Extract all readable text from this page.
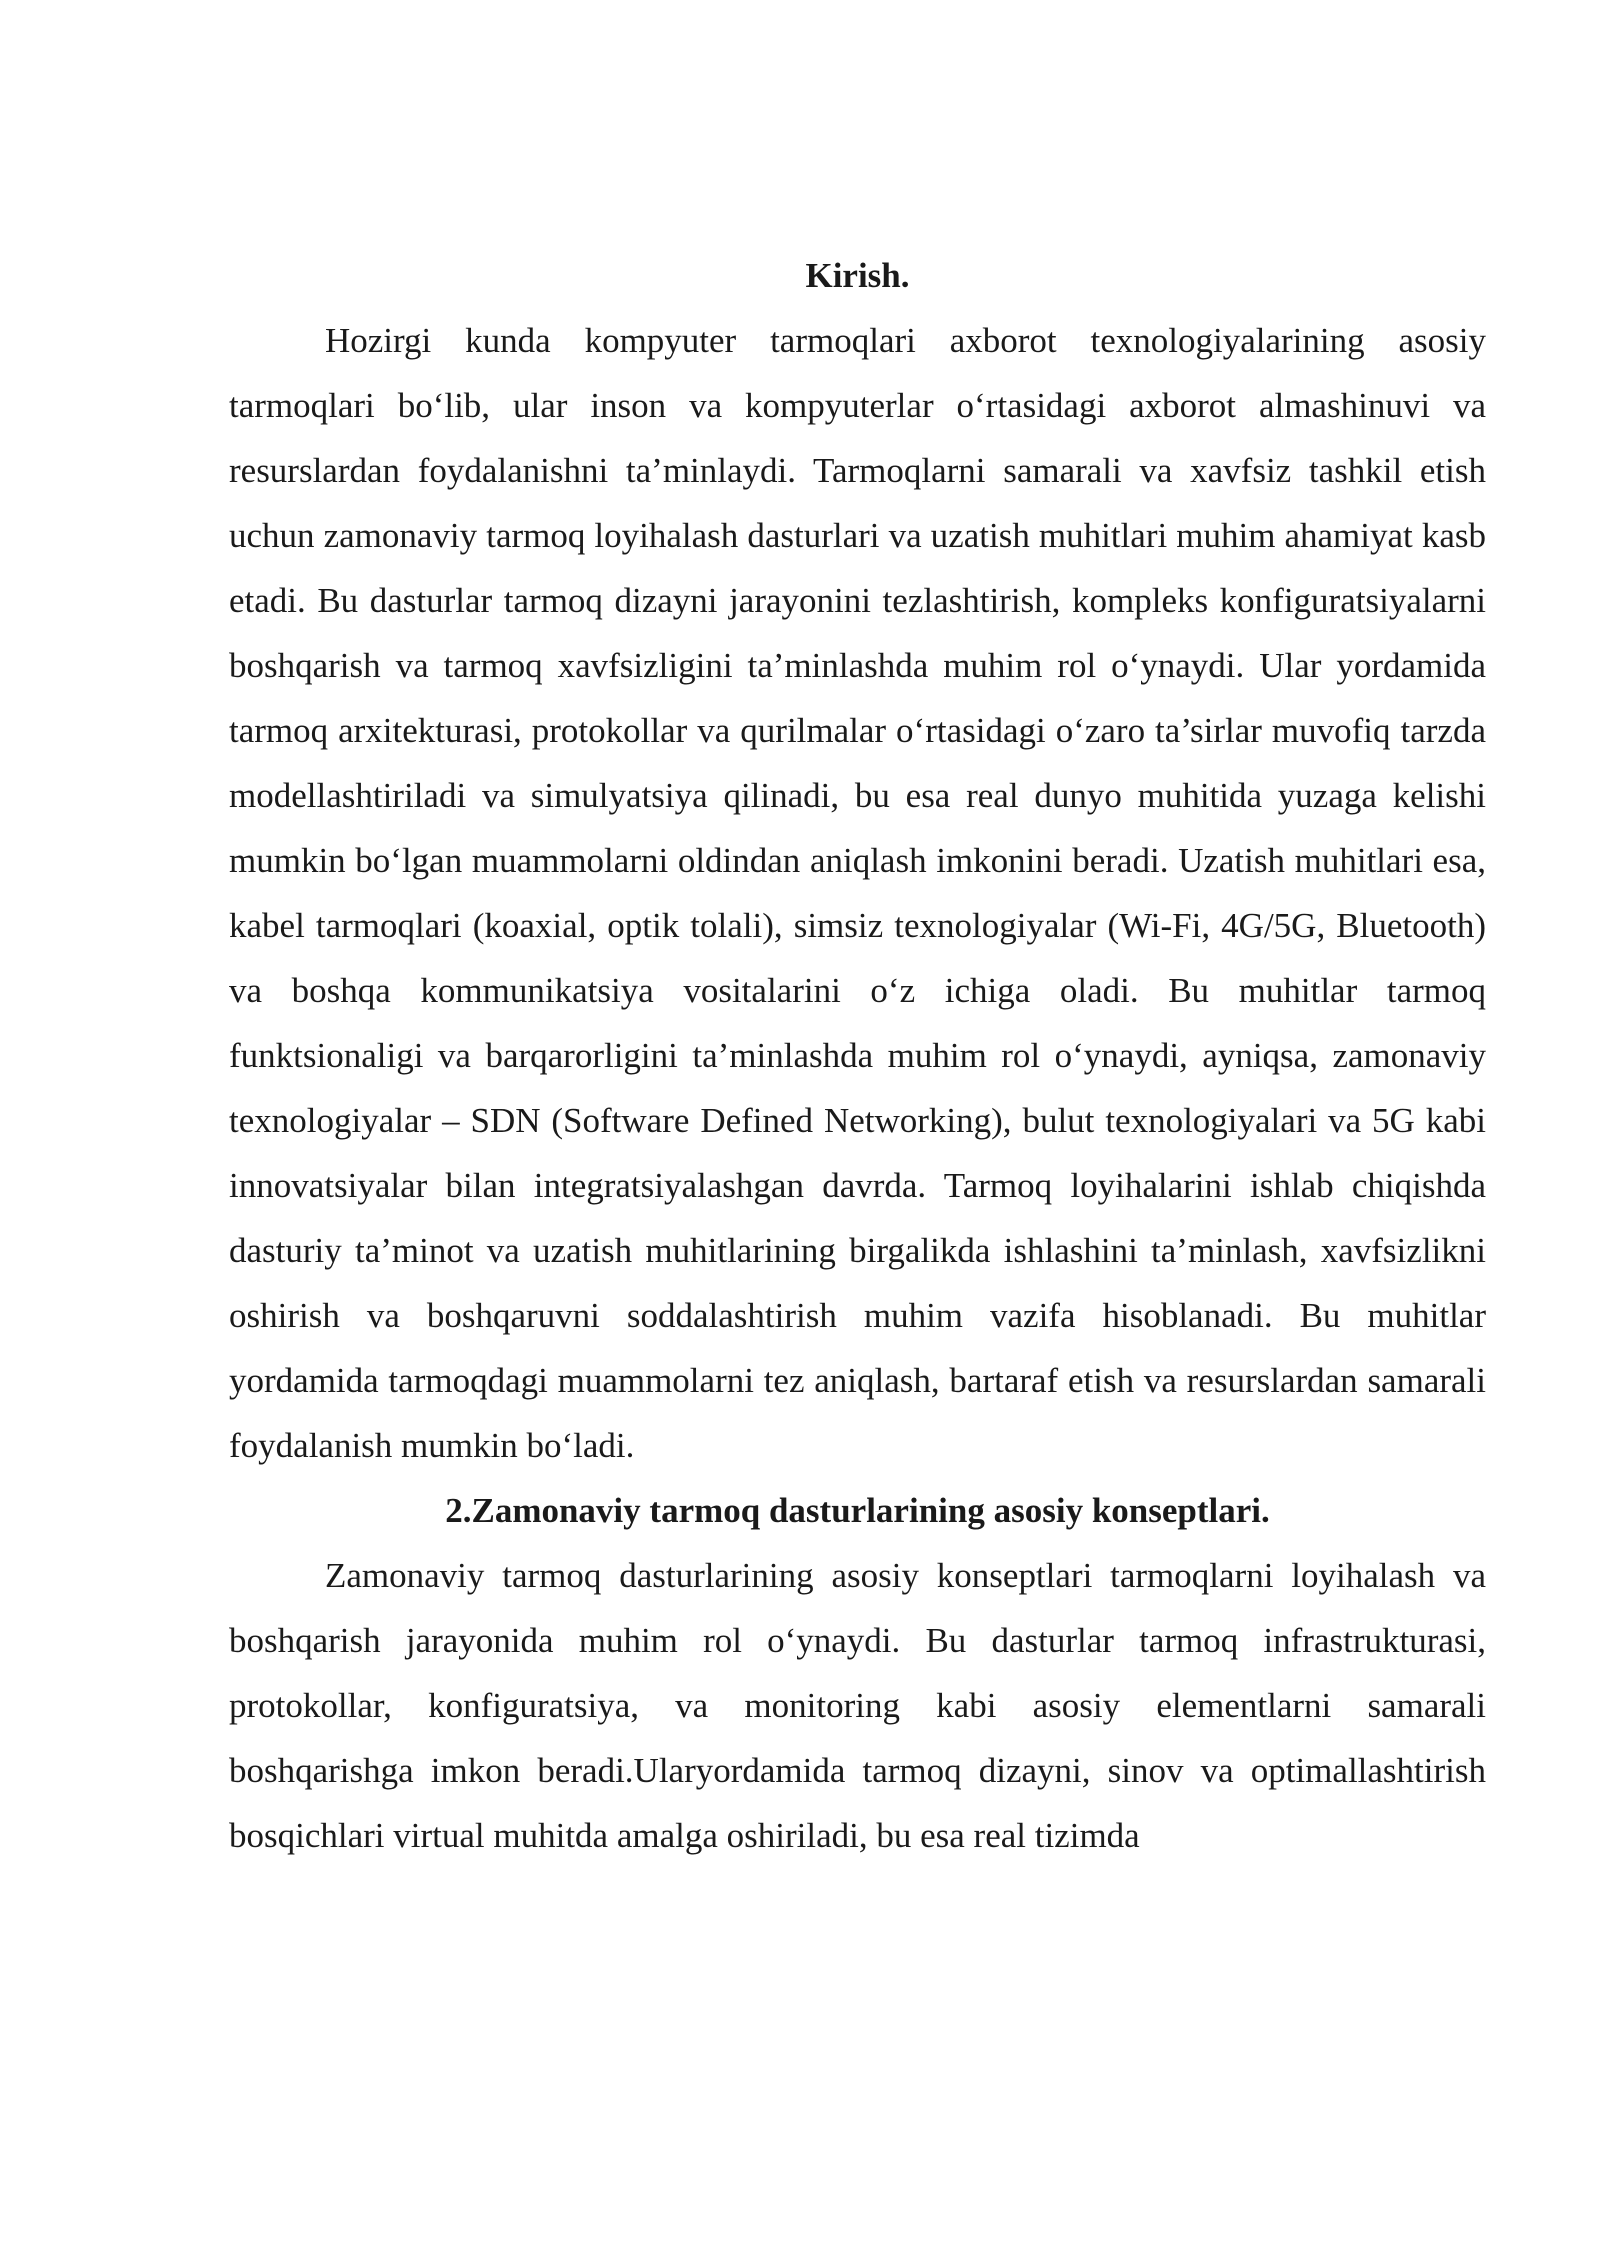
Kirish.

Hozirgi kunda kompyuter tarmoqlari axborot texnologiyalarining asosiy tarmoqlari bo‘lib, ular inson va kompyuterlar o‘rtasidagi axborot almashinuvi va resurslardan foydalanishni ta’minlaydi. Tarmoqlarni samarali va xavfsiz tashkil etish uchun zamonaviy tarmoq loyihalash dasturlari va uzatish muhitlari muhim ahamiyat kasb etadi. Bu dasturlar tarmoq dizayni jarayonini tezlashtirish, kompleks konfiguratsiyalarni boshqarish va tarmoq xavfsizligini ta’minlashda muhim rol o‘ynaydi. Ular yordamida tarmoq arxitekturasi, protokollar va qurilmalar o‘rtasidagi o‘zaro ta’sirlar muvofiq tarzda modellashtiriladi va simulyatsiya qilinadi, bu esa real dunyo muhitida yuzaga kelishi mumkin bo‘lgan muammolarni oldindan aniqlash imkonini beradi. Uzatish muhitlari esa, kabel tarmoqlari (koaxial, optik tolali), simsiz texnologiyalar (Wi-Fi, 4G/5G, Bluetooth) va boshqa kommunikatsiya vositalarini o‘z ichiga oladi. Bu muhitlar tarmoq funktsionaligi va barqarorligini ta’minlashda muhim rol o‘ynaydi, ayniqsa, zamonaviy texnologiyalar – SDN (Software Defined Networking), bulut texnologiyalari va 5G kabi innovatsiyalar bilan integratsiyalashgan davrda. Tarmoq loyihalarini ishlab chiqishda dasturiy ta’minot va uzatish muhitlarining birgalikda ishlashini ta’minlash, xavfsizlikni oshirish va boshqaruvni soddalashtirish muhim vazifa hisoblanadi. Bu muhitlar yordamida tarmoqdagi muammolarni tez aniqlash, bartaraf etish va resurslardan samarali foydalanish mumkin bo‘ladi.

2.Zamonaviy tarmoq dasturlarining asosiy konseptlari.

Zamonaviy tarmoq dasturlarining asosiy konseptlari tarmoqlarni loyihalash va boshqarish jarayonida muhim rol o‘ynaydi. Bu dasturlar tarmoq infrastrukturasi, protokollar, konfiguratsiya, va monitoring kabi asosiy elementlarni samarali boshqarishga imkon beradi.Ularyordamida tarmoq dizayni, sinov va optimallashtirish bosqichlari virtual muhitda amalga oshiriladi, bu esa real tizimda
